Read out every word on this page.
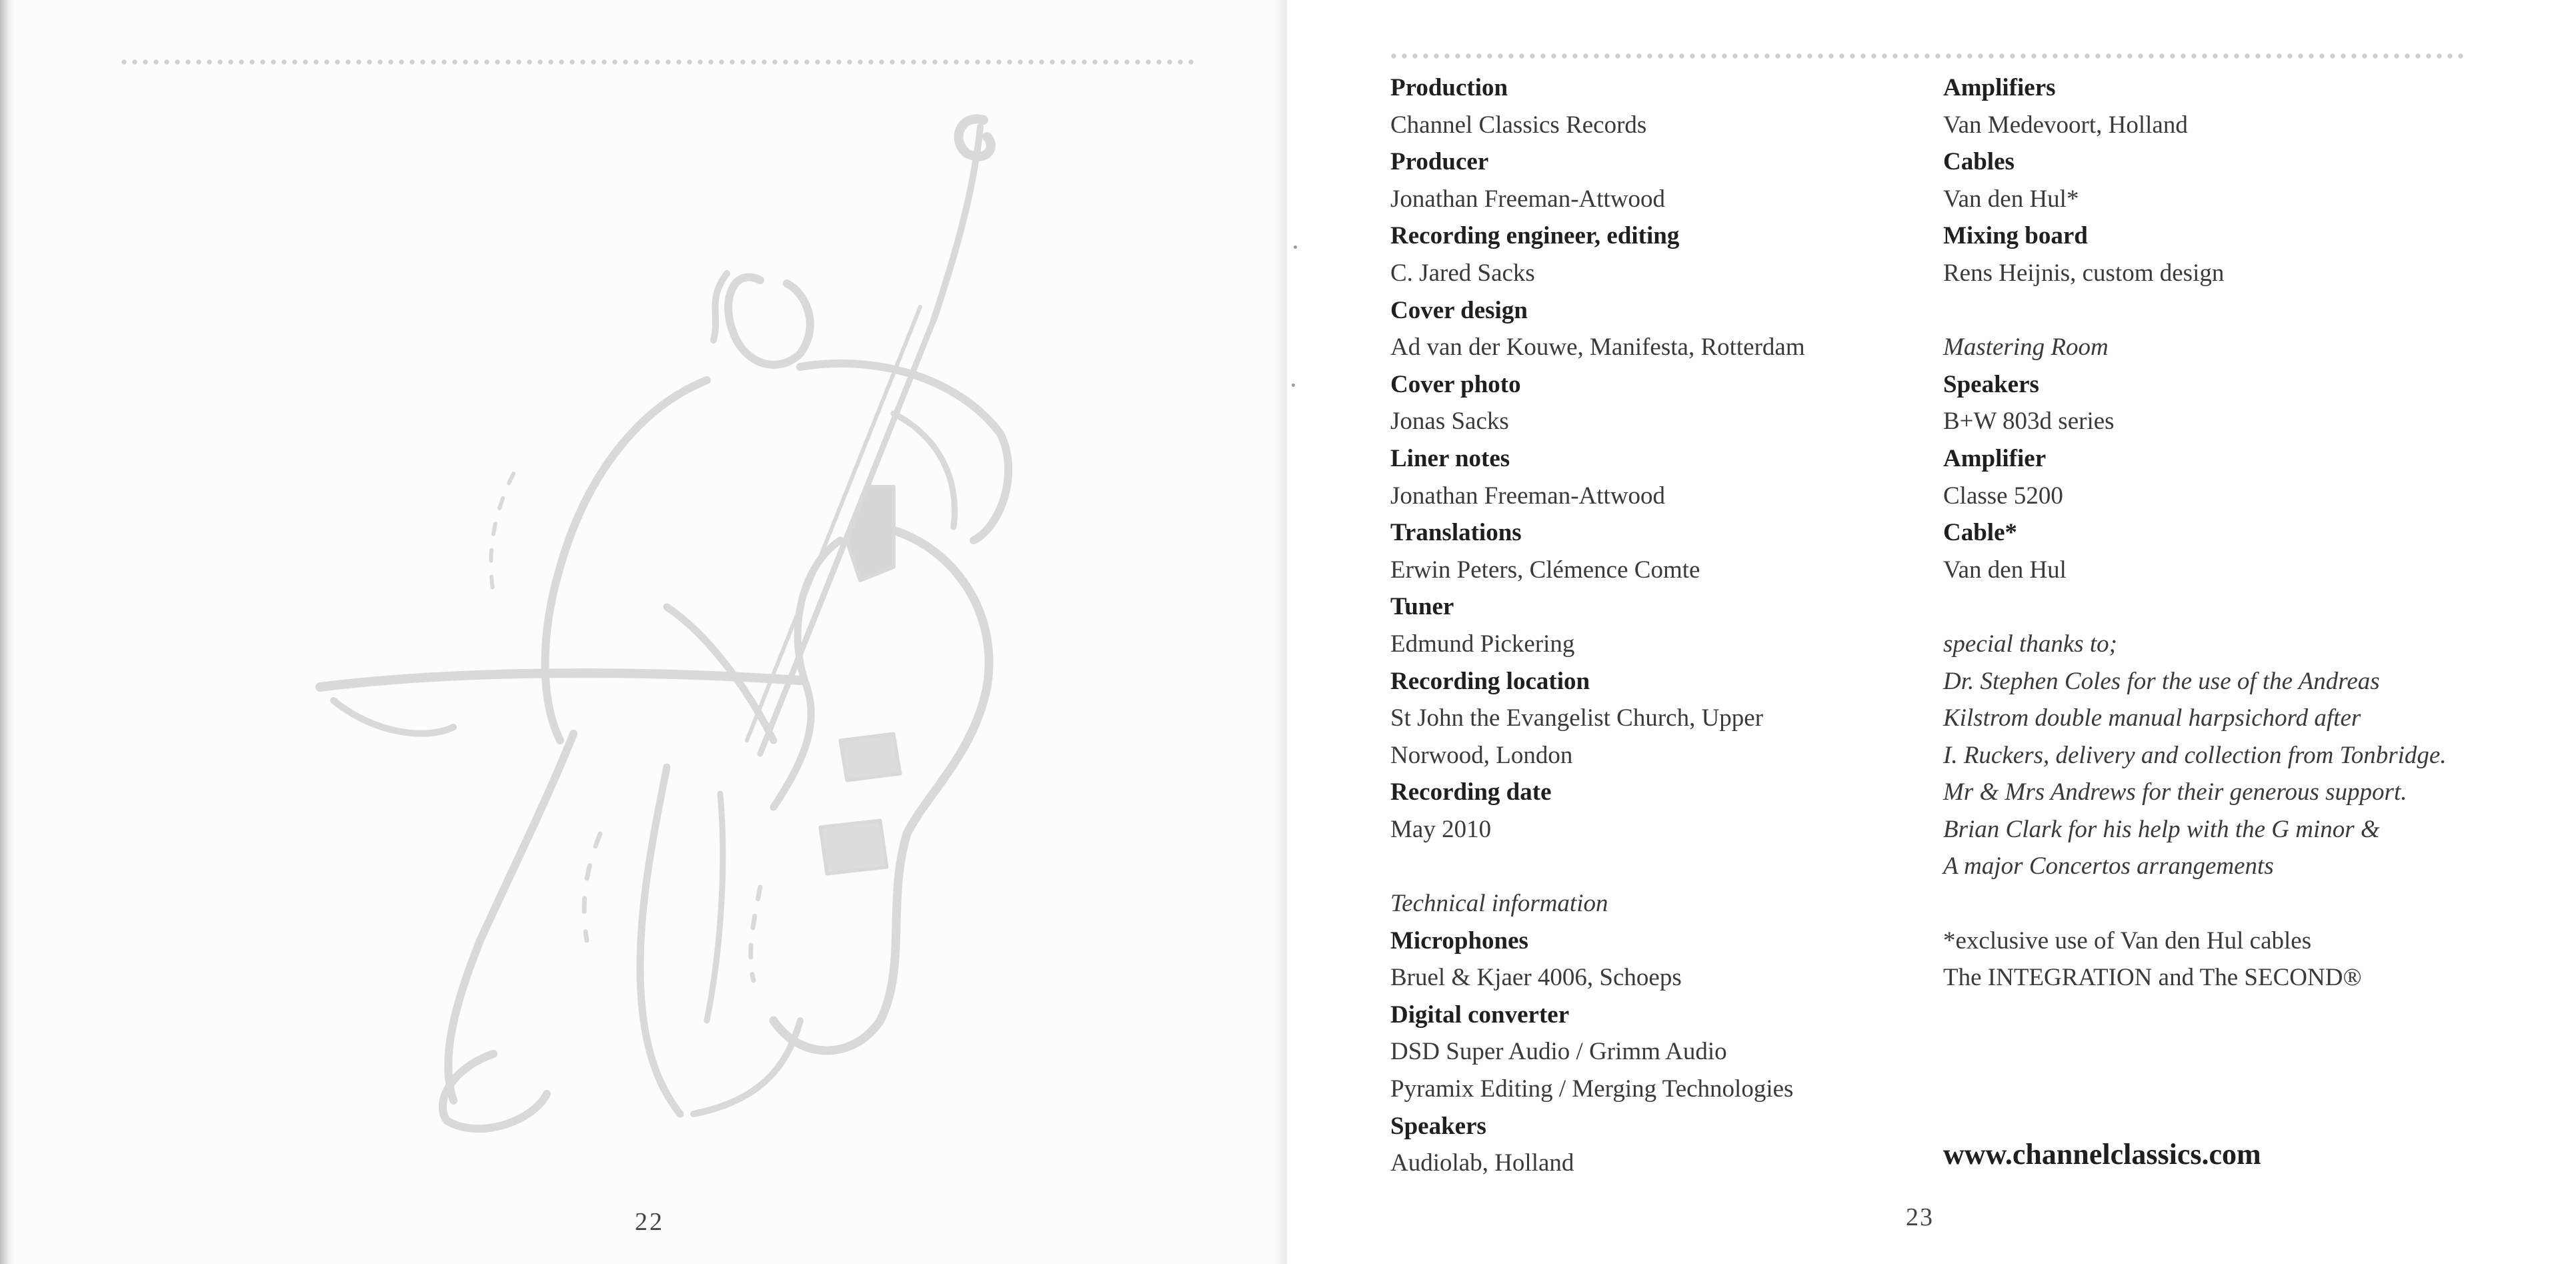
22
Production
Channel Classics Records
Producer
Jonathan Freeman-Attwood
Recording engineer, editing
C. Jared Sacks
Cover design
Ad van der Kouwe, Manifesta, Rotterdam
Cover photo
Jonas Sacks
Liner notes
Jonathan Freeman-Attwood
Translations
Erwin Peters, Clémence Comte
Tuner
Edmund Pickering
Recording location
St John the Evangelist Church, Upper
Norwood, London
Recording date
May 2010
Technical information
Microphones
Bruel & Kjaer 4006, Schoeps
Digital converter
DSD Super Audio / Grimm Audio
Pyramix Editing / Merging Technologies
Speakers
Audiolab, Holland
Amplifiers
Van Medevoort, Holland
Cables
Van den Hul*
Mixing board
Rens Heijnis, custom design
Mastering Room
Speakers
B+W 803d series
Amplifier
Classe 5200
Cable*
Van den Hul
special thanks to;
Dr. Stephen Coles for the use of the Andreas
Kilstrom double manual harpsichord after
I. Ruckers, delivery and collection from Tonbridge.
Mr & Mrs Andrews for their generous support.
Brian Clark for his help with the G minor &
A major Concertos arrangements
*exclusive use of Van den Hul cables
The INTEGRATION and The SECOND®
www.channelclassics.com
23
